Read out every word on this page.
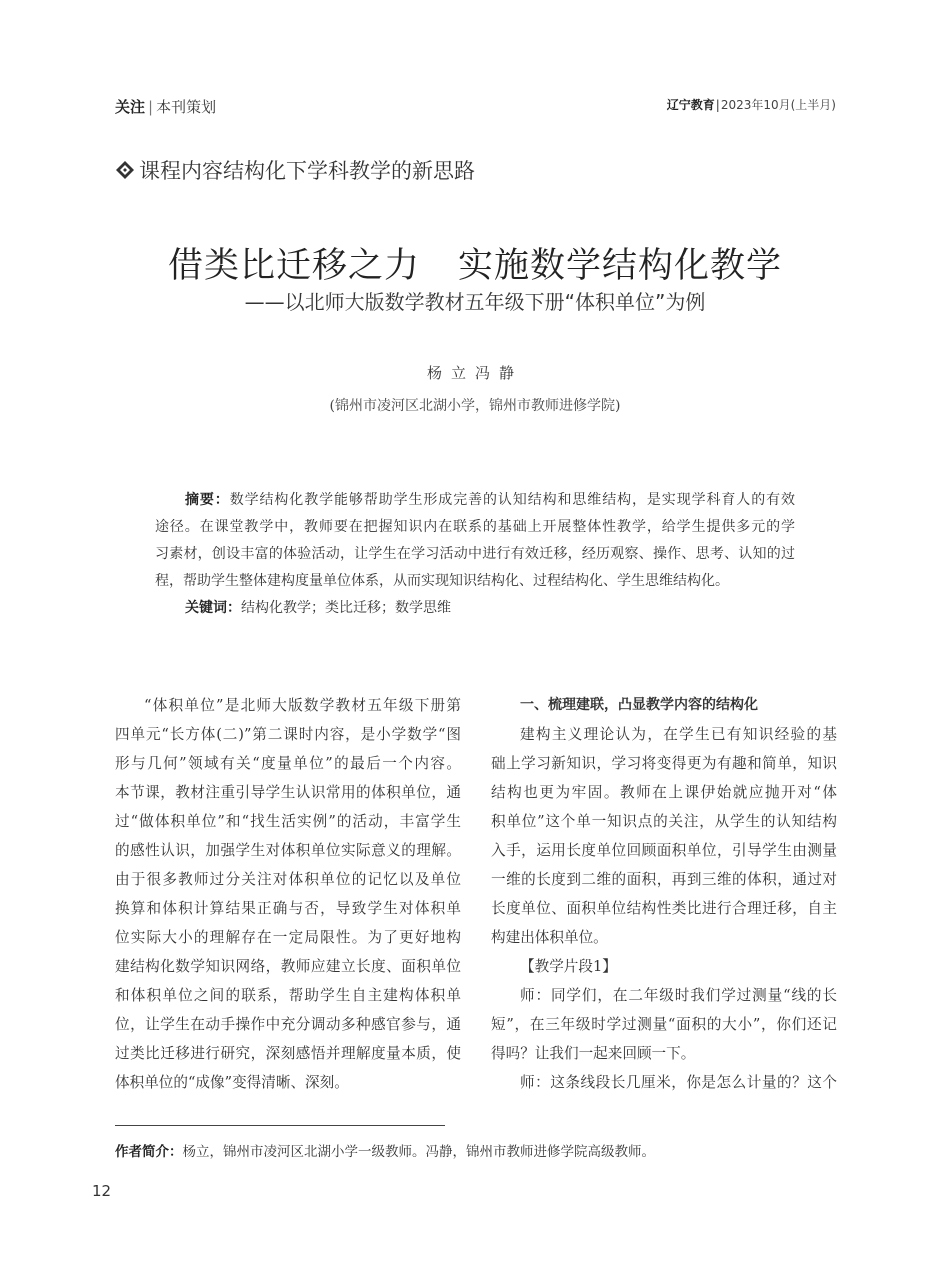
关注 | 本刊策划	辽宁教育|2023年10月(上半月)
课程内容结构化下学科教学的新思路
借类比迁移之力 实施数学结构化教学
——以北师大版数学教材五年级下册“体积单位”为例
杨立冯静
(锦州市凌河区北湖小学，锦州市教师进修学院)

摘要：数学结构化教学能够帮助学生形成完善的认知结构和思维结构，是实现学科育人的有效

途径。在课堂教学中，教师要在把握知识内在联系的基础上开展整体性教学，给学生提供多元的学

习素材，创设丰富的体验活动，让学生在学习活动中进行有效迁移，经历观察、操作、思考、认知的过

程，帮助学生整体建构度量单位体系，从而实现知识结构化、过程结构化、学生思维结构化。

关键词：结构化教学；类比迁移；数学思维

“体积单位”是北师大版数学教材五年级下册第

四单元“长方体(二)”第二课时内容，是小学数学“图

形与几何”领域有关“度量单位”的最后一个内容。

本节课，教材注重引导学生认识常用的体积单位，通

过“做体积单位”和“找生活实例”的活动，丰富学生

的感性认识，加强学生对体积单位实际意义的理解。

由于很多教师过分关注对体积单位的记忆以及单位

换算和体积计算结果正确与否，导致学生对体积单

位实际大小的理解存在一定局限性。为了更好地构

建结构化数学知识网络，教师应建立长度、面积单位

和体积单位之间的联系，帮助学生自主建构体积单

位，让学生在动手操作中充分调动多种感官参与，通

过类比迁移进行研究，深刻感悟并理解度量本质，使

体积单位的“成像”变得清晰、深刻。

一、梳理建联，凸显教学内容的结构化

建构主义理论认为，在学生已有知识经验的基

础上学习新知识，学习将变得更为有趣和简单，知识

结构也更为牢固。教师在上课伊始就应抛开对“体

积单位”这个单一知识点的关注，从学生的认知结构

入手，运用长度单位回顾面积单位，引导学生由测量

一维的长度到二维的面积，再到三维的体积，通过对

长度单位、面积单位结构性类比进行合理迁移，自主

构建出体积单位。

【教学片段1】

师：同学们，在二年级时我们学过测量“线的长

短”，在三年级时学过测量“面积的大小”，你们还记

得吗？让我们一起来回顾一下。

师：这条线段长几厘米，你是怎么计量的？这个

作者简介：杨立，锦州市凌河区北湖小学一级教师。冯静，锦州市教师进修学院高级教师。
12
